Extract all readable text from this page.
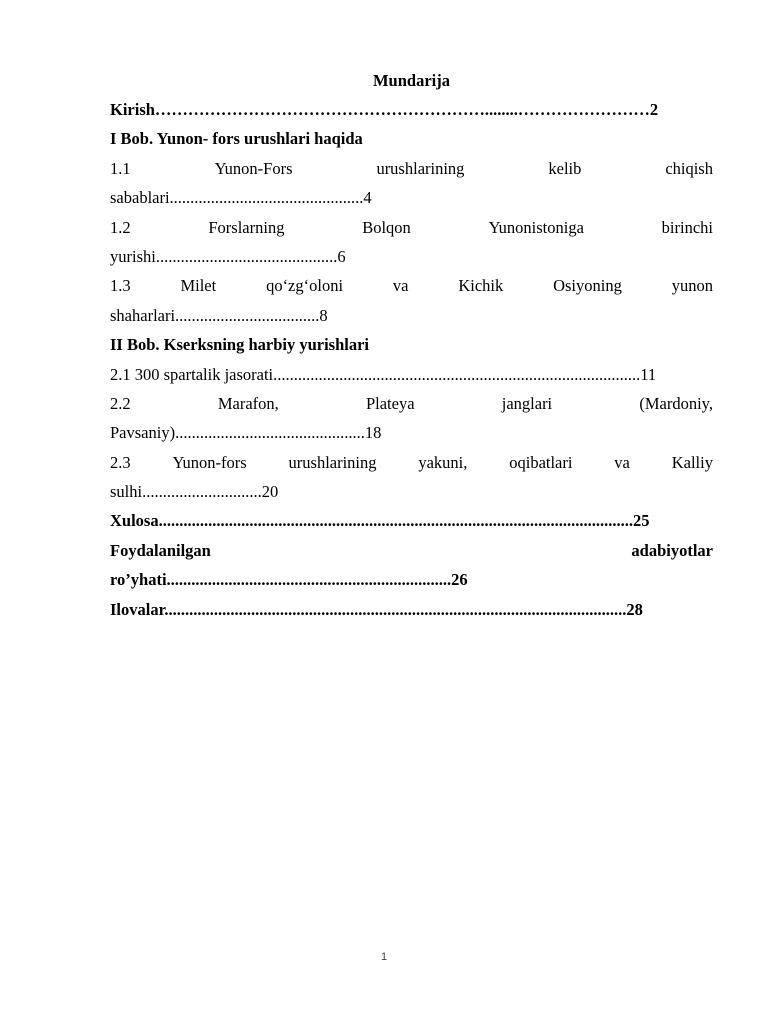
Mundarija
Kirish……………………………………………………........……………………2
I Bob. Yunon- fors urushlari haqida
1.1	Yunon-Fors	urushlarining	kelib	chiqish
sabablari...............................................4
1.2	Forslarning	Bolqon	Yunonistoniga	birinchi
yurishi............................................6
1.3	Milet	qo‘zg‘oloni	va	Kichik	Osiyoning	yunon
shaharlari...................................8
II Bob. Kserksning harbiy yurishlari
2.1 300 spartalik jasorati.........................................................................................11
2.2	Marafon,	Plateya	janglari	(Mardoniy,
Pavsaniy)..............................................18
2.3	Yunon-fors	urushlarining	yakuni,	oqibatlari	va	Kalliy
sulhi.............................20
Xulosa...................................................................................................................25
Foydalanilgan	adabiyotlar
ro’yhati.....................................................................26
Ilovalar................................................................................................................28
1
